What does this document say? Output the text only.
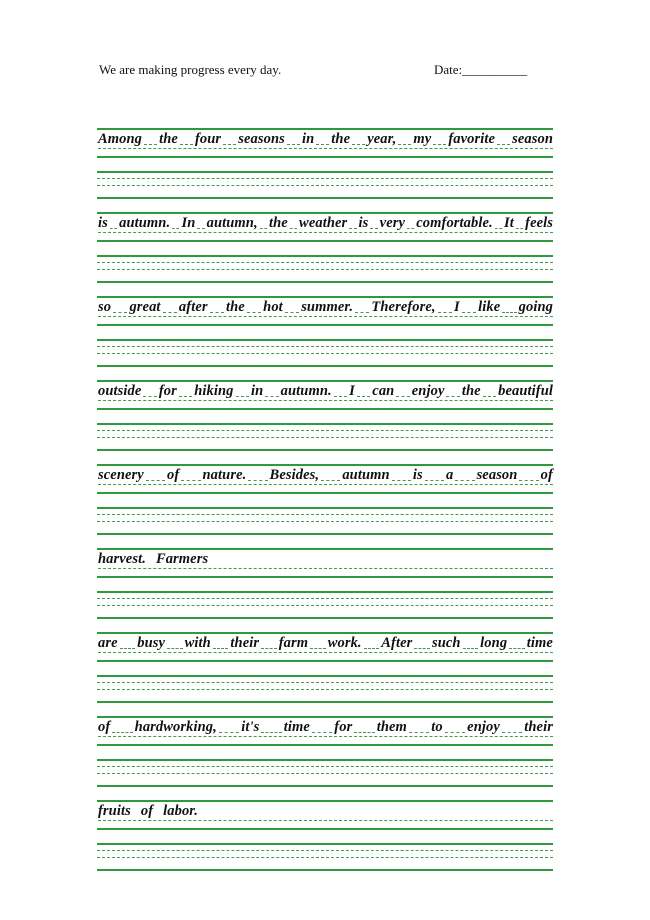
We are making progress every day.	Date:__________
Among the four seasons in the year, my favorite season
is autumn. In autumn, the weather is very comfortable. It feels
so great after the hot summer. Therefore, I like going
outside for hiking in autumn. I can enjoy the beautiful
scenery of nature. Besides, autumn is a season of
harvest. Farmers
are busy with their farm work. After such long time
of hardworking, it's time for them to enjoy their
fruits of labor.
